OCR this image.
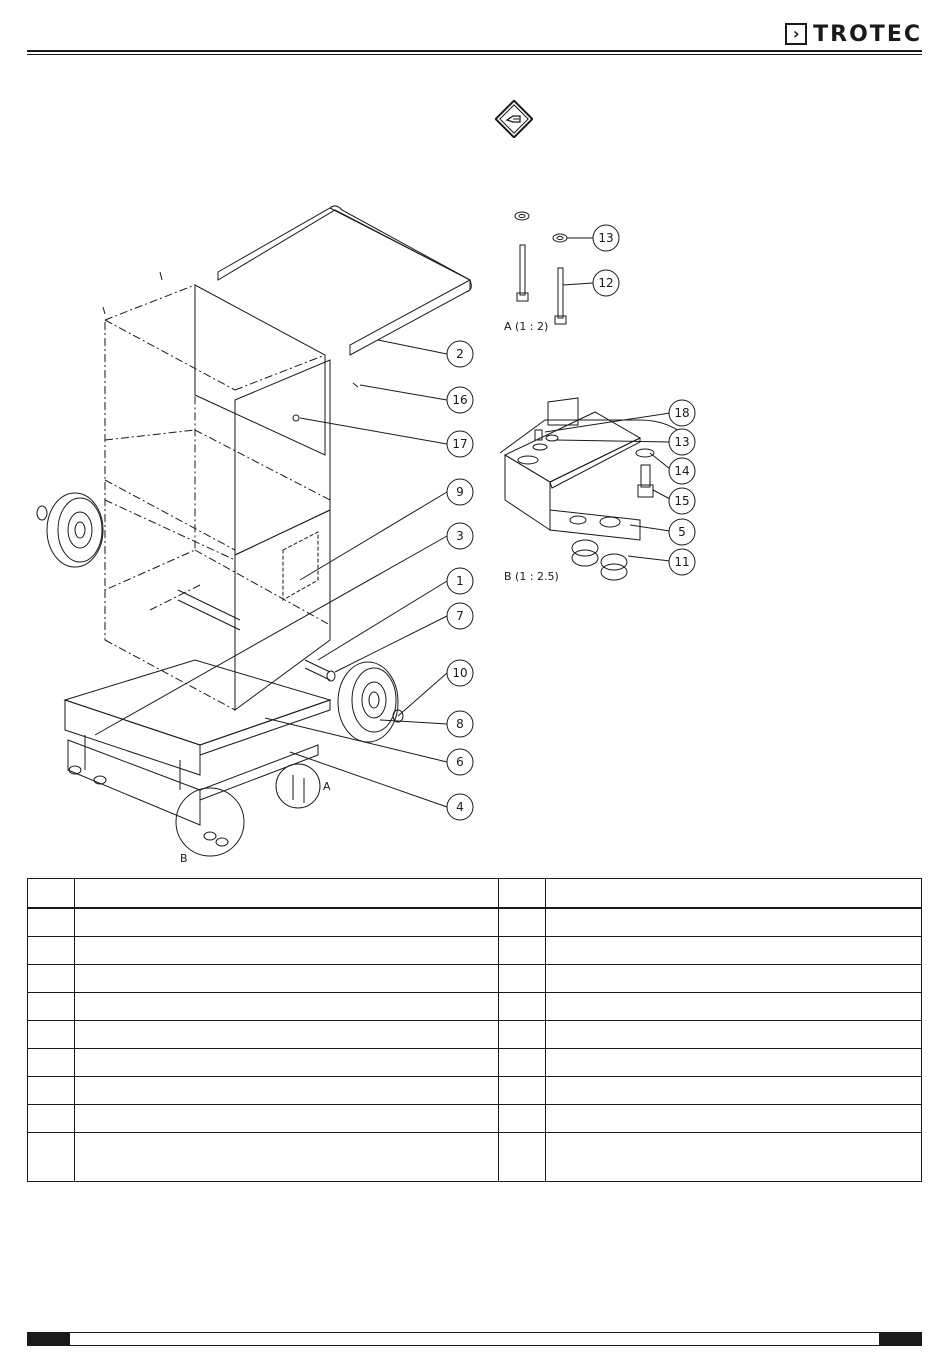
› TROTEC
2
16
17
9
3
1
7
10
8
6
4
13
12
18
13
14
15
5
11
A (1 : 2)
B (1 : 2.5)
A
B
